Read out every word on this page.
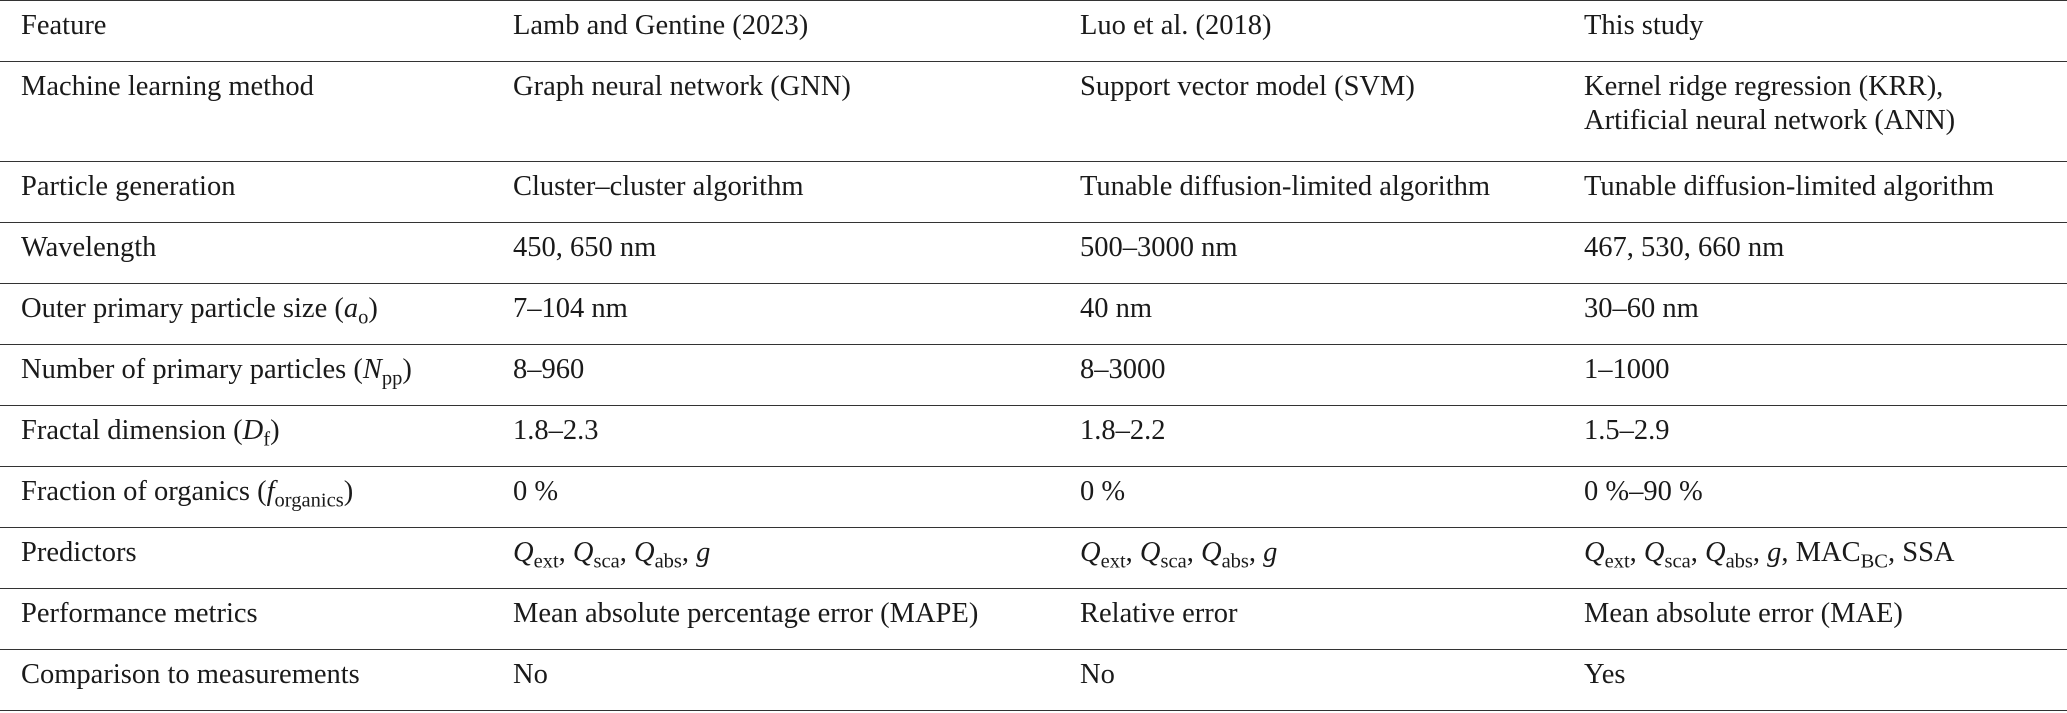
Feature	Lamb and Gentine (2023)	Luo et al. (2018)	This study
Machine learning method	Graph neural network (GNN)	Support vector model (SVM)	Kernel ridge regression (KRR),
Artificial neural network (ANN)

Particle generation	Cluster–cluster algorithm	Tunable diffusion-limited algorithm	Tunable diffusion-limited algorithm
Wavelength	450, 650 nm	500–3000 nm	467, 530, 660 nm
Outer primary particle size $(a_o)$	7–104 nm	40 nm	30–60 nm
Number of primary particles $(N_{pp})$	8–960	8–3000	1–1000
Fractal dimension $(D_f)$	1.8–2.3	1.8–2.2	1.5–2.9
Fraction of organics $(f_{organics})$	0 %	0 %	0 %–90 %
Predictors	$Q_{ext}$, $Q_{sca}$, $Q_{abs}$, g	$Q_{ext}$, $Q_{sca}$, $Q_{abs}$, g	$Q_{ext}$, $Q_{sca}$, $Q_{abs}$, g, $MAC_{BC}$, SSA
Performance metrics	Mean absolute percentage error (MAPE)	Relative error	Mean absolute error (MAE)
Comparison to measurements	No	No	Yes
